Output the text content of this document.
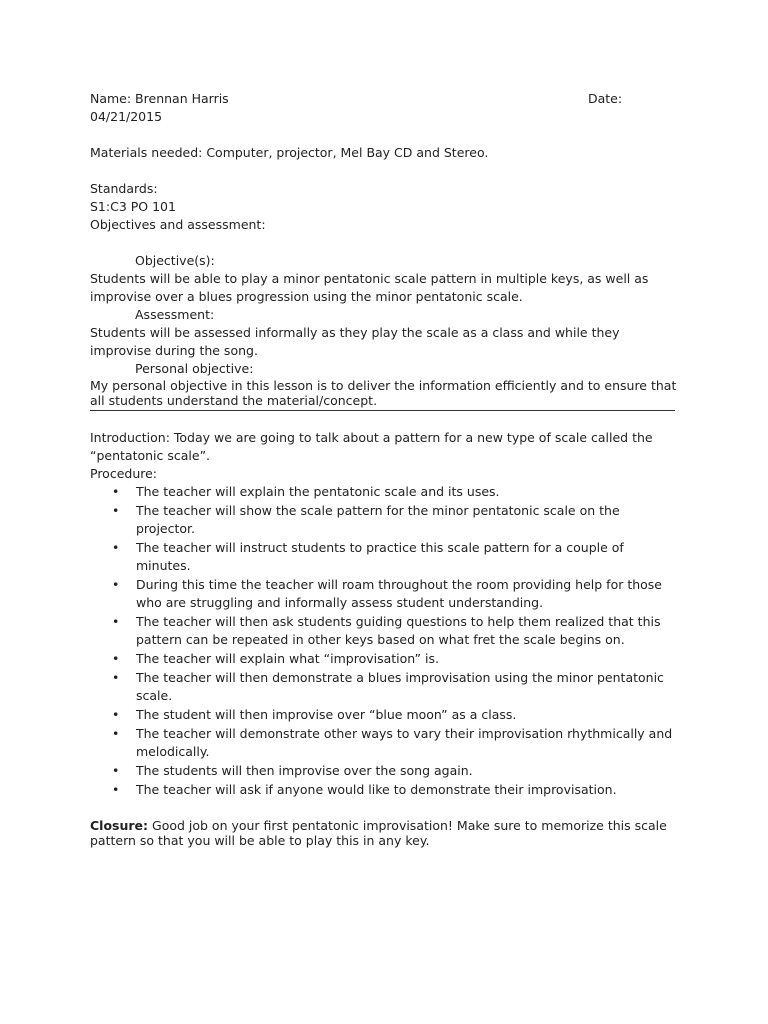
Name: Brennan Harris	Date:
04/21/2015
Materials needed: Computer, projector, Mel Bay CD and Stereo.
Standards:
S1:C3 PO 101
Objectives and assessment:
Objective(s):
Students will be able to play a minor pentatonic scale pattern in multiple keys, as well as improvise over a blues progression using the minor pentatonic scale.
Assessment:
Students will be assessed informally as they play the scale as a class and while they improvise during the song.
Personal objective:
My personal objective in this lesson is to deliver the information efficiently and to ensure that all students understand the material/concept.
Introduction: Today we are going to talk about a pattern for a new type of scale called the “pentatonic scale”.
Procedure:
• The teacher will explain the pentatonic scale and its uses.
• The teacher will show the scale pattern for the minor pentatonic scale on the projector.
• The teacher will instruct students to practice this scale pattern for a couple of minutes.
• During this time the teacher will roam throughout the room providing help for those who are struggling and informally assess student understanding.
• The teacher will then ask students guiding questions to help them realized that this pattern can be repeated in other keys based on what fret the scale begins on.
• The teacher will explain what “improvisation” is.
• The teacher will then demonstrate a blues improvisation using the minor pentatonic scale.
• The student will then improvise over “blue moon” as a class.
• The teacher will demonstrate other ways to vary their improvisation rhythmically and melodically.
• The students will then improvise over the song again.
• The teacher will ask if anyone would like to demonstrate their improvisation.
Closure: Good job on your first pentatonic improvisation! Make sure to memorize this scale pattern so that you will be able to play this in any key.
